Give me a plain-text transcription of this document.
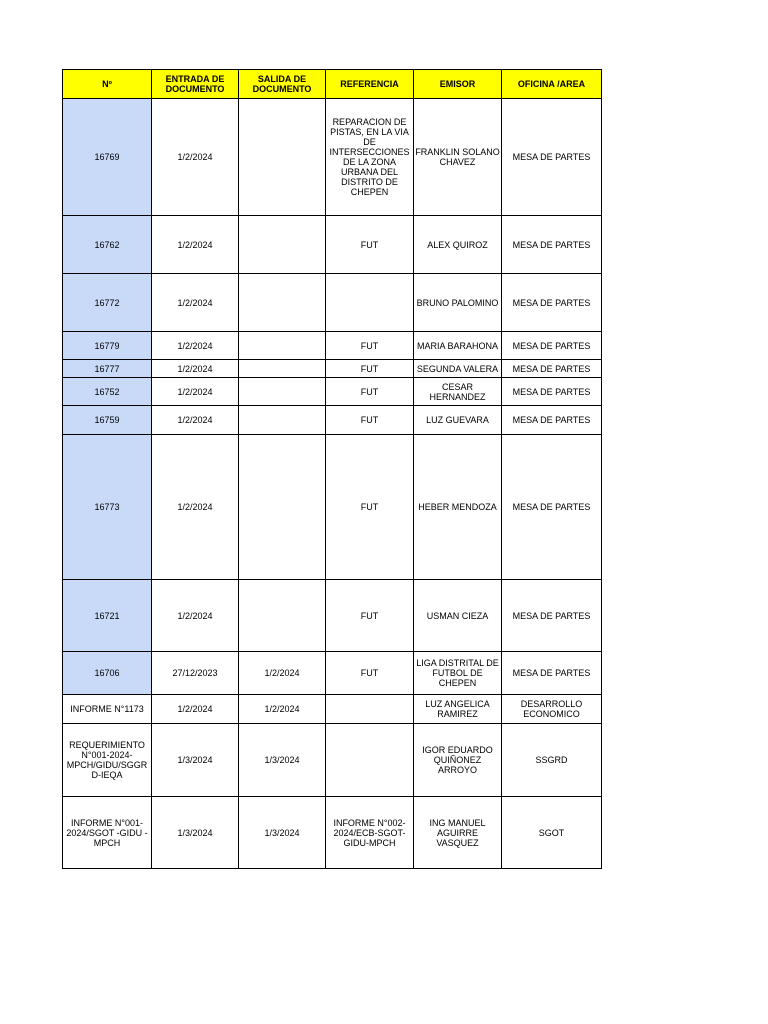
Nº	ENTRADA DE DOCUMENTO	SALIDA DE DOCUMENTO	REFERENCIA	EMISOR	OFICINA /AREA
16769	1/2/2024		REPARACION DE PISTAS, EN LA VIA DE INTERSECCIONES DE LA ZONA URBANA DEL DISTRITO DE CHEPEN	FRANKLIN SOLANO CHAVEZ	MESA DE PARTES
16762	1/2/2024		FUT	ALEX QUIROZ	MESA DE PARTES
16772	1/2/2024			BRUNO PALOMINO	MESA DE PARTES
16779	1/2/2024		FUT	MARIA BARAHONA	MESA DE PARTES
16777	1/2/2024		FUT	SEGUNDA VALERA	MESA DE PARTES
16752	1/2/2024		FUT	CESAR HERNANDEZ	MESA DE PARTES
16759	1/2/2024		FUT	LUZ GUEVARA	MESA DE PARTES
16773	1/2/2024		FUT	HEBER MENDOZA	MESA DE PARTES
16721	1/2/2024		FUT	USMAN CIEZA	MESA DE PARTES
16706	27/12/2023	1/2/2024	FUT	LIGA DISTRITAL DE FUTBOL DE CHEPEN	MESA DE PARTES
INFORME N°1173	1/2/2024	1/2/2024		LUZ ANGELICA RAMIREZ	DESARROLLO ECONOMICO
REQUERIMIENTO N°001-2024-MPCH/GIDU/SGGRD-IEQA	1/3/2024	1/3/2024		IGOR EDUARDO QUIÑONEZ ARROYO	SSGRD
INFORME N°001-2024/SGOT -GIDU -MPCH	1/3/2024	1/3/2024	INFORME N°002-2024/ECB-SGOT-GIDU-MPCH	ING MANUEL AGUIRRE VASQUEZ	SGOT
